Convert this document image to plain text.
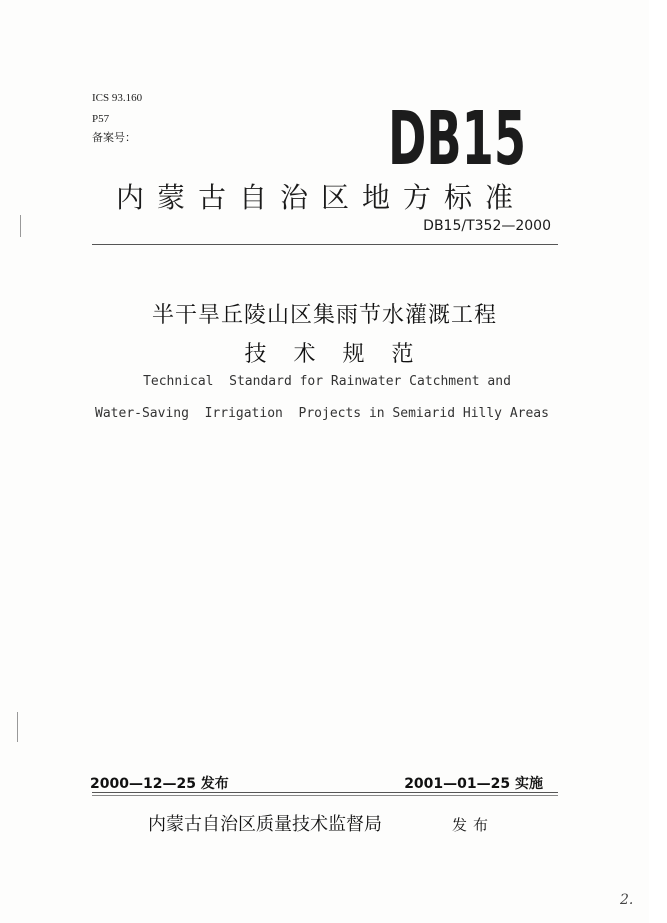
ICS 93.160
P57
备案号：	DB15
内蒙古自治区地方标准
DB15/T352—2000
半干旱丘陵山区集雨节水灌溉工程
技术规范
Technical  Standard for Rainwater Catchment and
Water-Saving  Irrigation  Projects in Semiarid Hilly Areas
2000—12—25 发布	2001—01—25 实施
内蒙古自治区质量技术监督局	发布
2.
